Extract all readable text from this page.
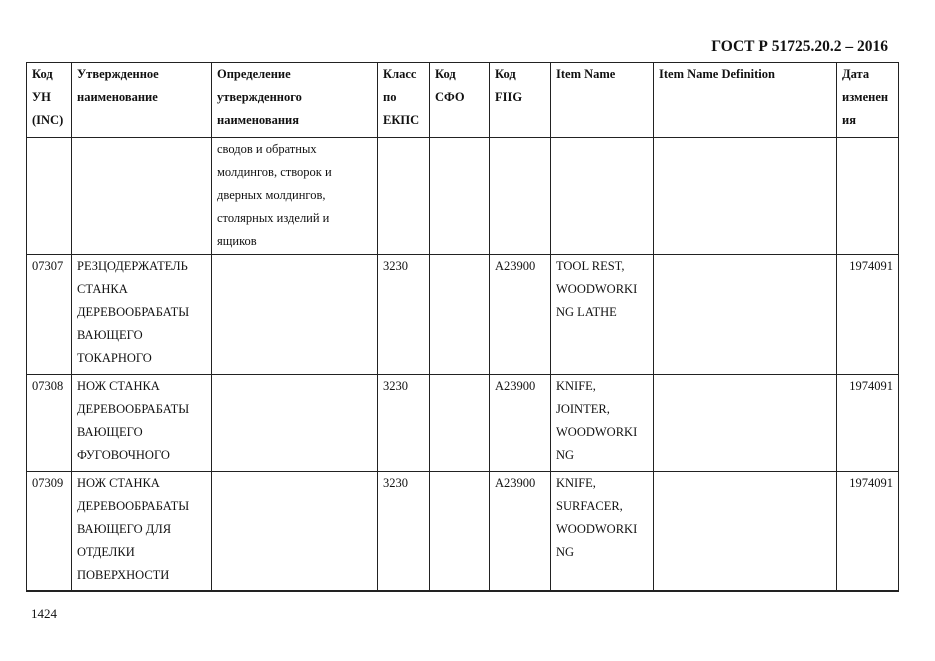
ГОСТ Р 51725.20.2 – 2016
Код
УН
(INC)	Утвержденное
наименование	Определение
утвержденного
наименования	Класс
по
ЕКПС	Код
СФО	Код
FIIG	Item Name	Item Name Definition	Дата
изменен
ия
		сводов и обратных
молдингов, створок и
дверных молдингов,
столярных изделий и
ящиков						
07307	РЕЗЦОДЕРЖАТЕЛЬ
СТАНКА
ДЕРЕВООБРАБАТЫ
ВАЮЩЕГО
ТОКАРНОГО		3230		A23900	TOOL REST,
WOODWORKI
NG LATHE		1974091
07308	НОЖ СТАНКА
ДЕРЕВООБРАБАТЫ
ВАЮЩЕГО
ФУГОВОЧНОГО		3230		A23900	KNIFE,
JOINTER,
WOODWORKI
NG		1974091
07309	НОЖ СТАНКА
ДЕРЕВООБРАБАТЫ
ВАЮЩЕГО ДЛЯ
ОТДЕЛКИ
ПОВЕРХНОСТИ		3230		A23900	KNIFE,
SURFACER,
WOODWORKI
NG		1974091
1424
